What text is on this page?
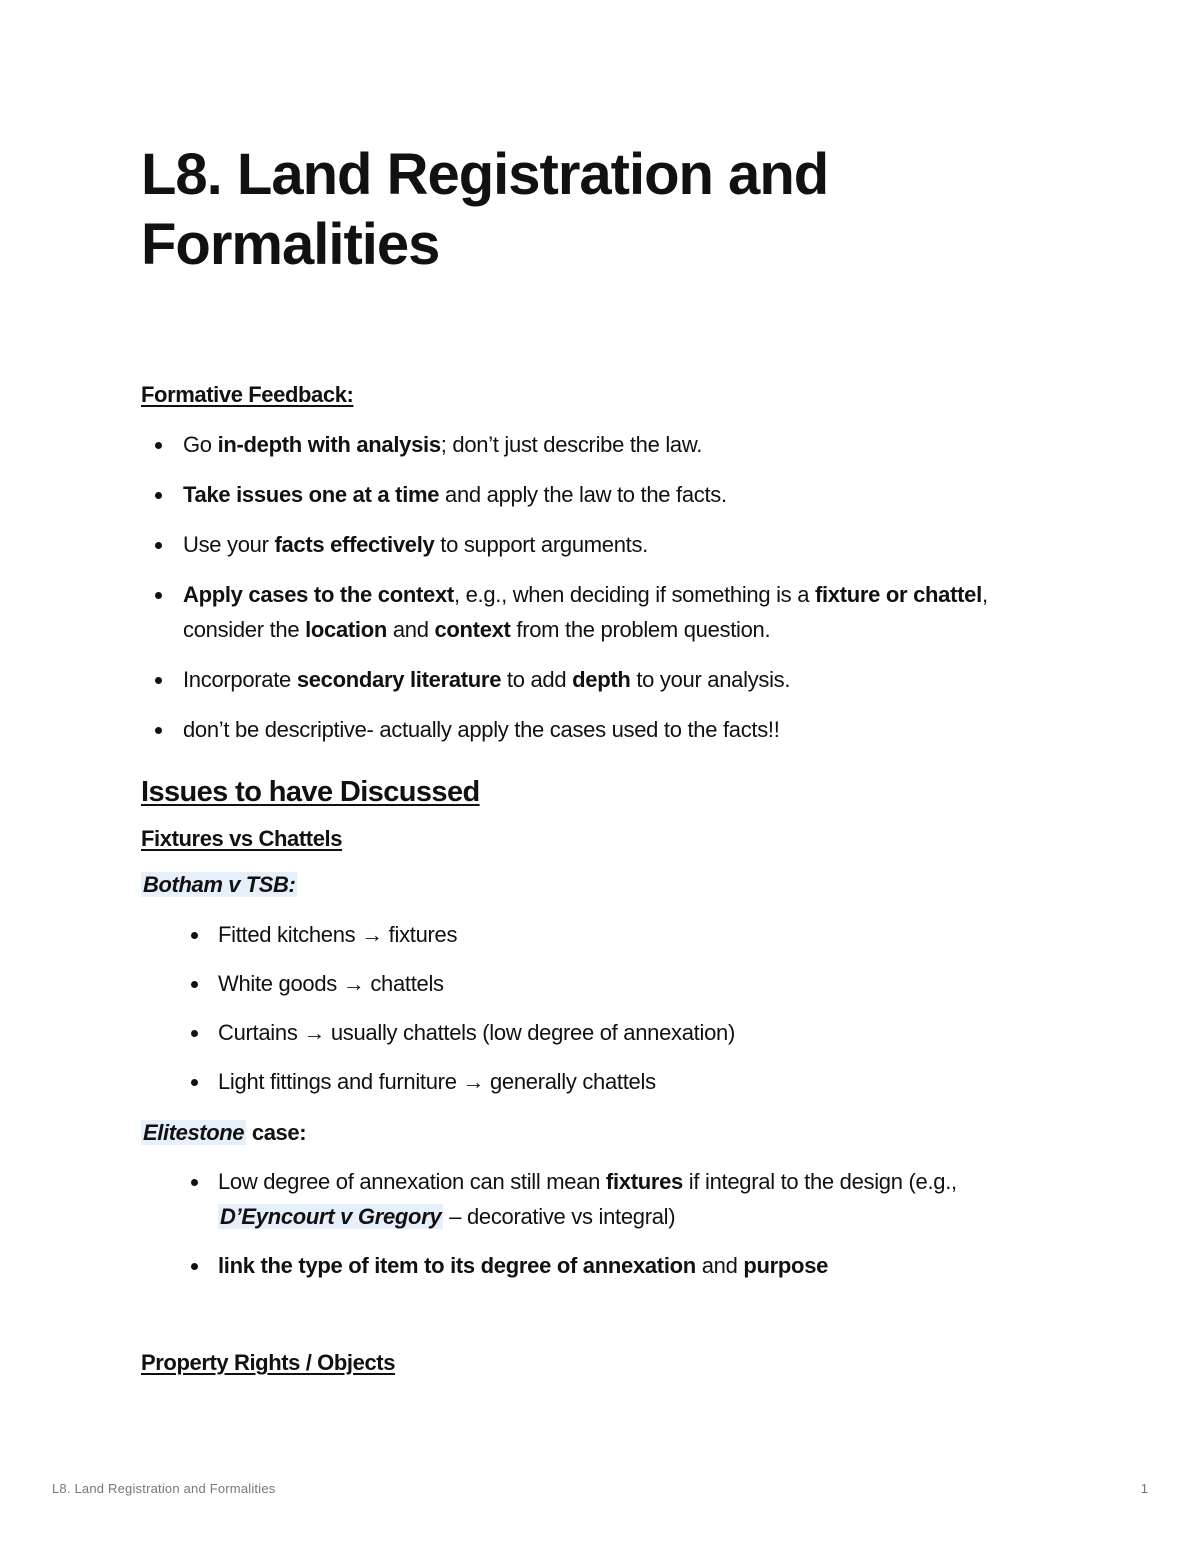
L8. Land Registration and Formalities
Formative Feedback:
Go in-depth with analysis; don’t just describe the law.
Take issues one at a time and apply the law to the facts.
Use your facts effectively to support arguments.
Apply cases to the context, e.g., when deciding if something is a fixture or chattel, consider the location and context from the problem question.
Incorporate secondary literature to add depth to your analysis.
don’t be descriptive- actually apply the cases used to the facts!!
Issues to have Discussed
Fixtures vs Chattels
Botham v TSB:
Fitted kitchens → fixtures
White goods → chattels
Curtains → usually chattels (low degree of annexation)
Light fittings and furniture → generally chattels
Elitestone case:
Low degree of annexation can still mean fixtures if integral to the design (e.g., D’Eyncourt v Gregory – decorative vs integral)
link the type of item to its degree of annexation and purpose
Property Rights / Objects
L8. Land Registration and Formalities	1
